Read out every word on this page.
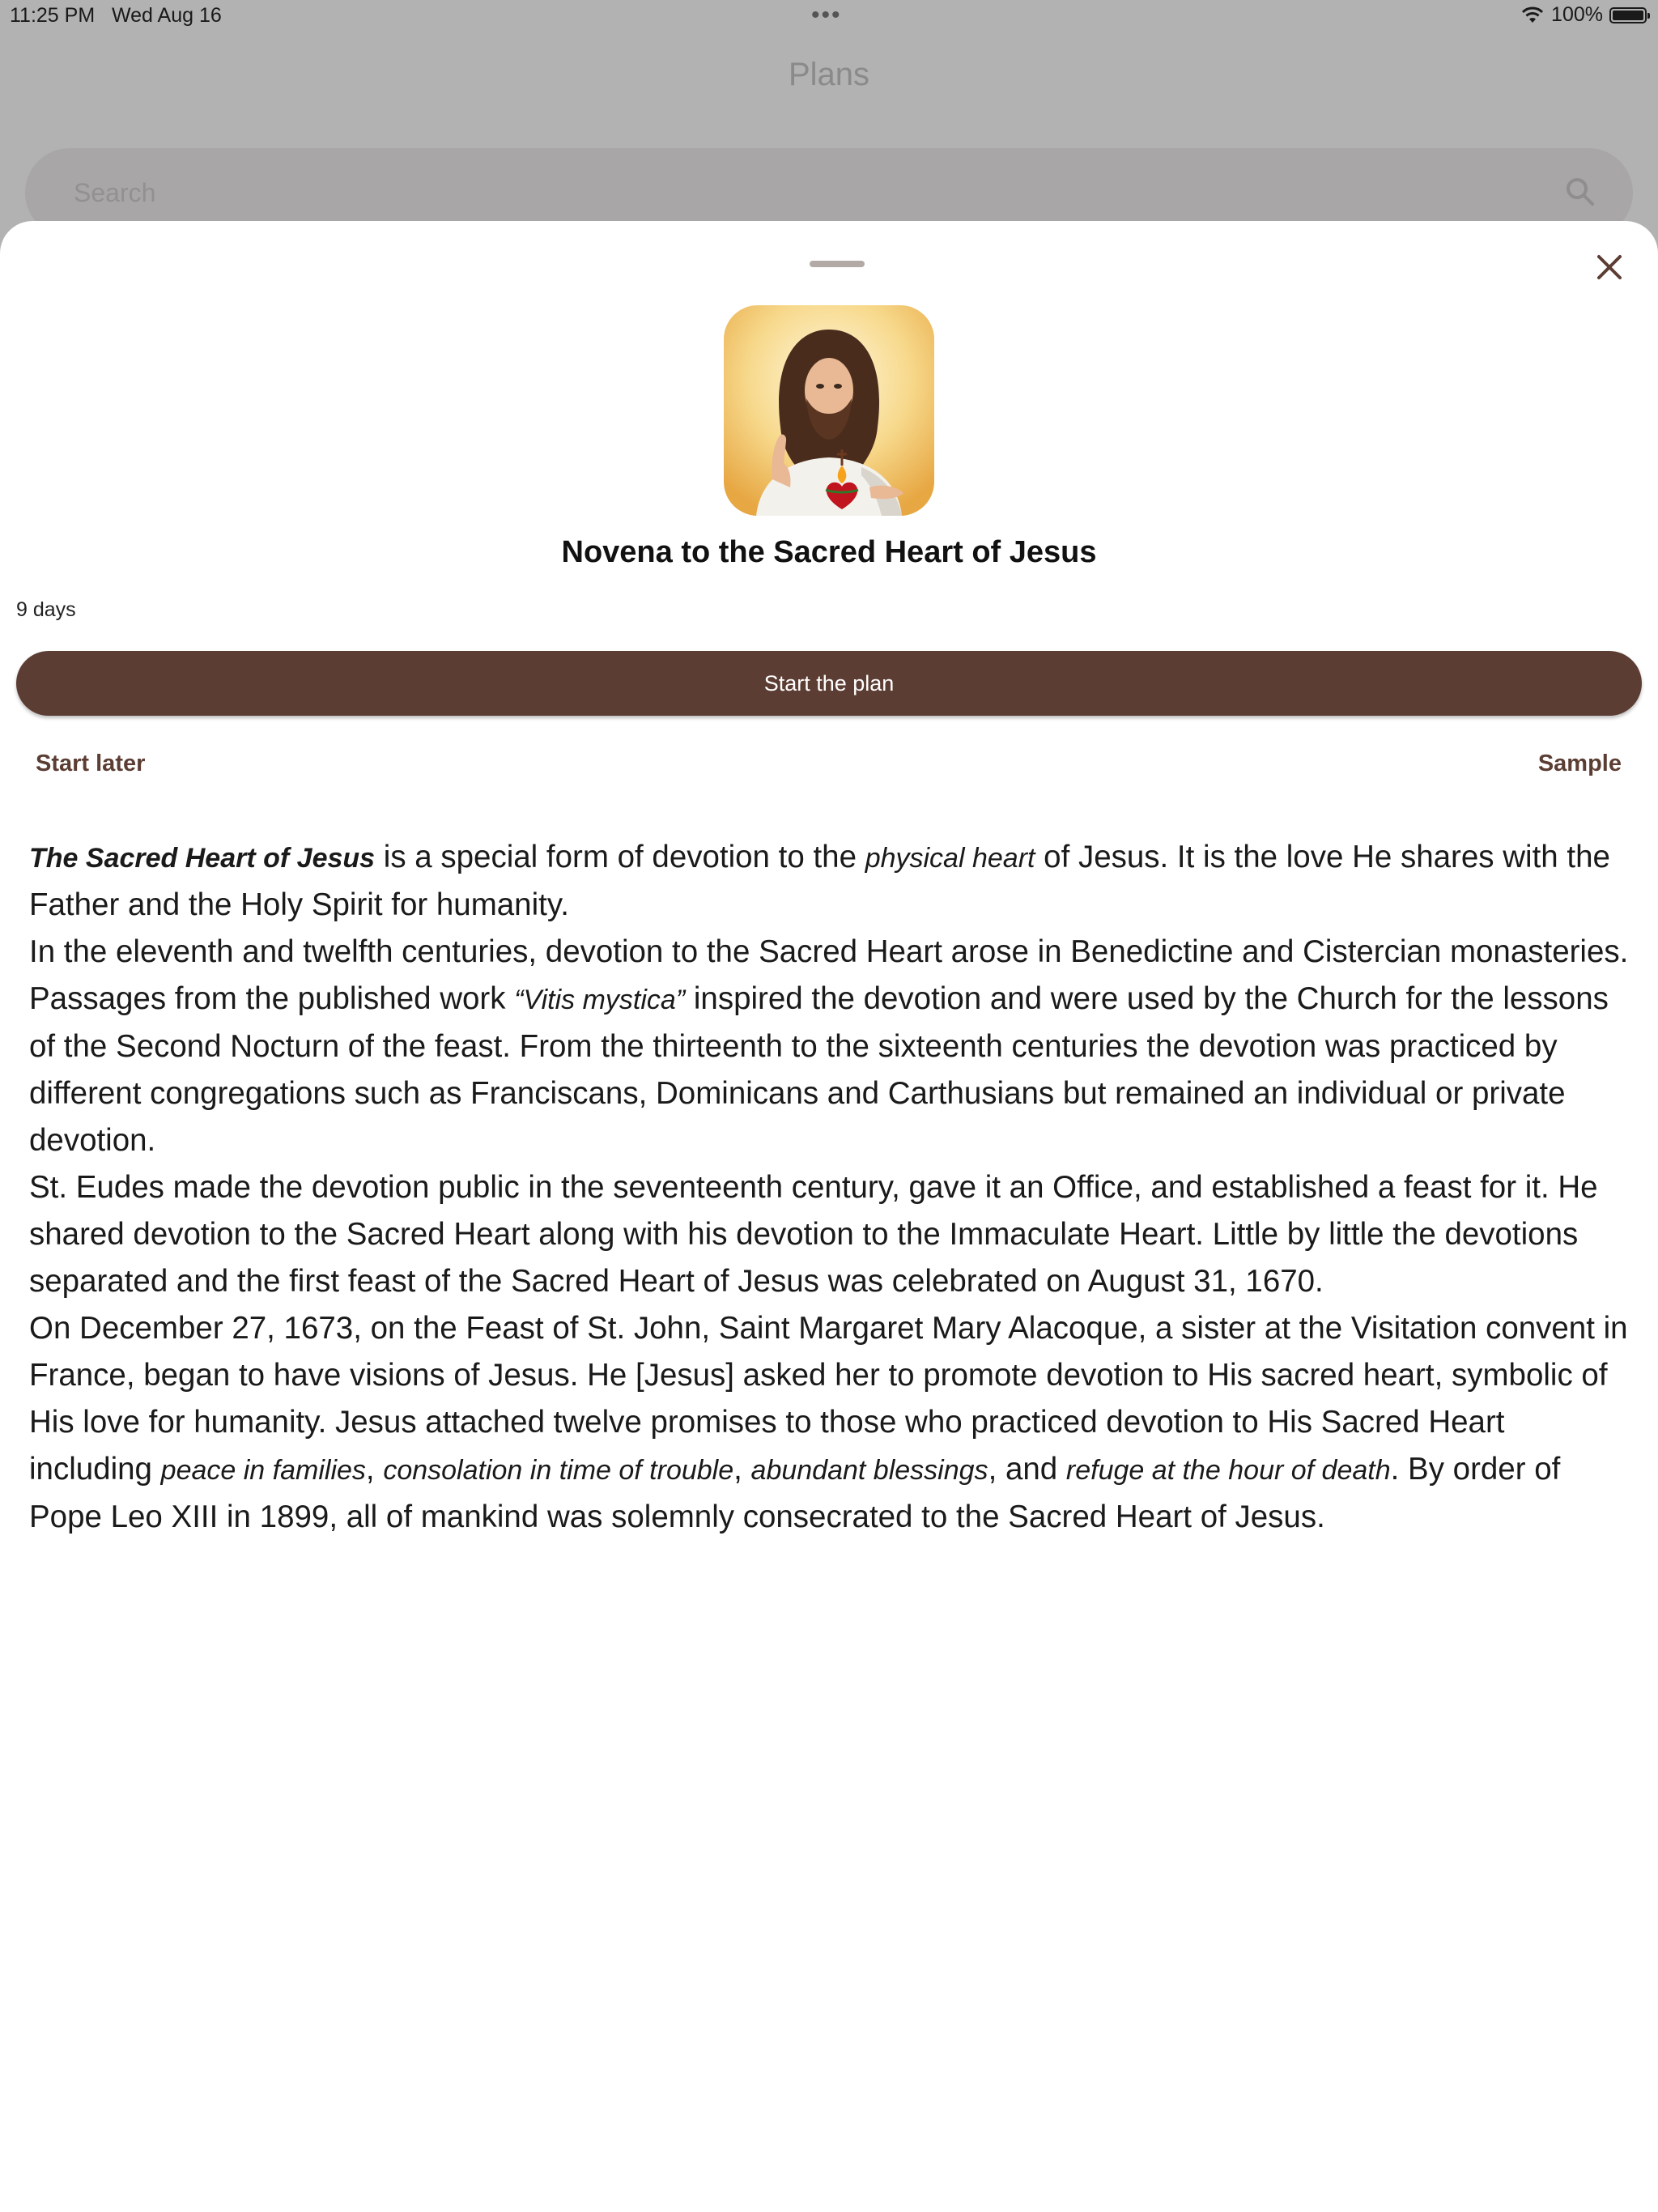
11:25 PM Wed Aug 16	•••	100%
Plans
Search
Novena to the Sacred Heart of Jesus
9 days
Start the plan
Start later	Sample

The Sacred Heart of Jesus is a special form of devotion to the physical heart of Jesus. It is the love He shares with the Father and the Holy Spirit for humanity.

In the eleventh and twelfth centuries, devotion to the Sacred Heart arose in Benedictine and Cistercian monasteries. Passages from the published work “Vitis mystica” inspired the devotion and were used by the Church for the lessons of the Second Nocturn of the feast. From the thirteenth to the sixteenth centuries the devotion was practiced by different congregations such as Franciscans, Dominicans and Carthusians but remained an individual or private devotion.

St. Eudes made the devotion public in the seventeenth century, gave it an Office, and established a feast for it. He shared devotion to the Sacred Heart along with his devotion to the Immaculate Heart. Little by little the devotions separated and the first feast of the Sacred Heart of Jesus was celebrated on August 31, 1670.

On December 27, 1673, on the Feast of St. John, Saint Margaret Mary Alacoque, a sister at the Visitation convent in France, began to have visions of Jesus. He [Jesus] asked her to promote devotion to His sacred heart, symbolic of His love for humanity. Jesus attached twelve promises to those who practiced devotion to His Sacred Heart including peace in families, consolation in time of trouble, abundant blessings, and refuge at the hour of death. By order of Pope Leo XIII in 1899, all of mankind was solemnly consecrated to the Sacred Heart of Jesus.
